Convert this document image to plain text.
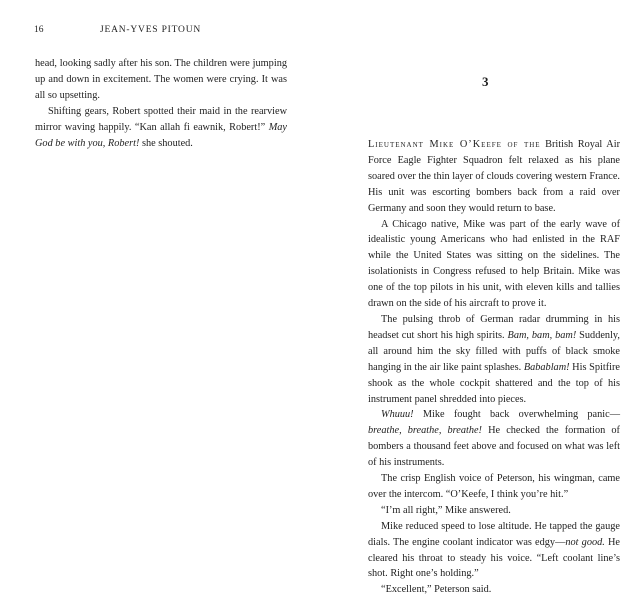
16	JEAN-YVES PITOUN

head, looking sadly after his son. The children were jumping up and down in excitement. The women were crying. It was all so upsetting.

Shifting gears, Robert spotted their maid in the rearview mirror waving happily. “Kan allah fi eawnik, Robert!” May God be with you, Robert! she shouted.

3

Lieutenant Mike O’Keefe of the British Royal Air Force Eagle Fighter Squadron felt relaxed as his plane soared over the thin layer of clouds covering western France. His unit was escorting bombers back from a raid over Germany and soon they would return to base.

A Chicago native, Mike was part of the early wave of idealistic young Americans who had enlisted in the RAF while the United States was sitting on the sidelines. The isolationists in Congress refused to help Britain. Mike was one of the top pilots in his unit, with eleven kills and tallies drawn on the side of his aircraft to prove it.

The pulsing throb of German radar drumming in his headset cut short his high spirits. Bam, bam, bam! Suddenly, all around him the sky filled with puffs of black smoke hanging in the air like paint splashes. Babablam! His Spitfire shook as the whole cockpit shattered and the top of his instrument panel shredded into pieces.

Whuuu! Mike fought back overwhelming panic—breathe, breathe, breathe! He checked the formation of bombers a thousand feet above and focused on what was left of his instruments.

The crisp English voice of Peterson, his wingman, came over the intercom. “O’Keefe, I think you’re hit.”

“I’m all right,” Mike answered.

Mike reduced speed to lose altitude. He tapped the gauge dials. The engine coolant indicator was edgy—not good. He cleared his throat to steady his voice. “Left coolant line’s shot. Right one’s holding.”

“Excellent,” Peterson said.
